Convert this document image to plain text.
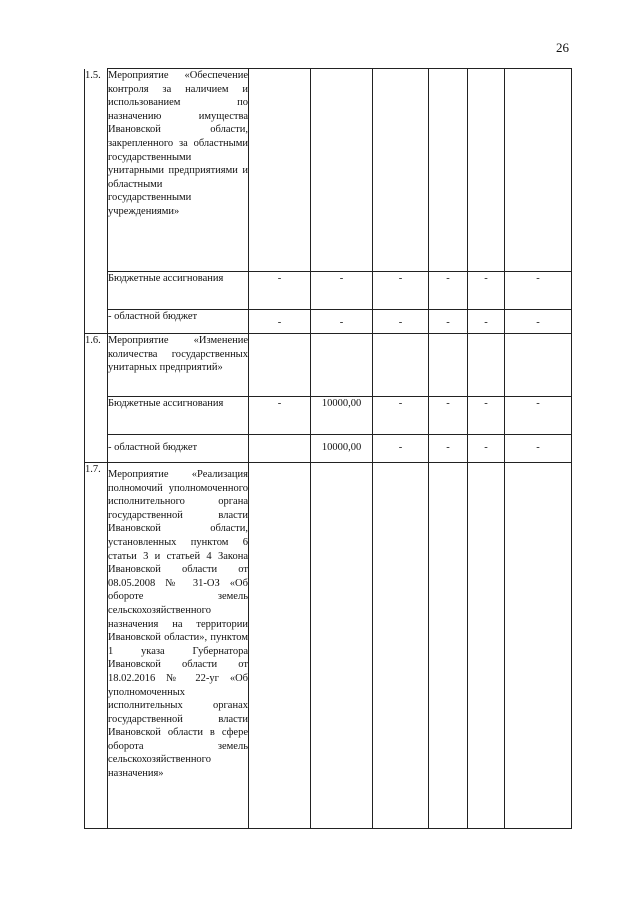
26
1.5.	Мероприятие «Обеспечение контроля за наличием и использованием по назначению имущества Ивановской области, закрепленного за областными государственными унитарными предприятиями и областными государственными учреждениями»						
	Бюджетные ассигнования	-	-	-	-	-	-
	- областной бюджет	-	-	-	-	-	-
1.6.	Мероприятие «Изменение количества государственных унитарных предприятий»						
	Бюджетные ассигнования	-	10000,00	-	-	-	-
	- областной бюджет		10000,00	-	-	-	-
1.7.	Мероприятие «Реализация полномочий уполномоченного исполнительного органа государственной власти Ивановской области, установленных пунктом 6 статьи 3 и статьей 4 Закона Ивановской области от 08.05.2008 № 31-ОЗ «Об обороте земель сельскохозяйственного назначения на территории Ивановской области», пунктом 1 указа Губернатора Ивановской области от 18.02.2016 № 22-уг «Об уполномоченных исполнительных органах государственной власти Ивановской области в сфере оборота земель сельскохозяйственного назначения»						
